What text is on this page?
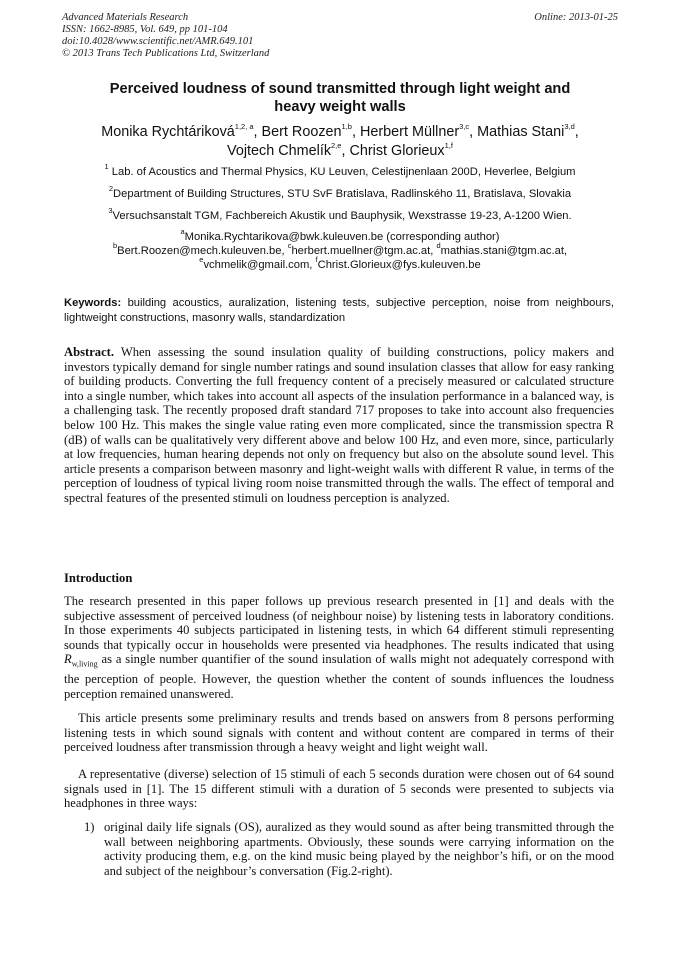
Advanced Materials Research
ISSN: 1662-8985, Vol. 649, pp 101-104
doi:10.4028/www.scientific.net/AMR.649.101
© 2013 Trans Tech Publications Ltd, Switzerland
Online: 2013-01-25
Perceived loudness of sound transmitted through light weight and
heavy weight walls
Monika Rychtáriková$^{1,2, a}$, Bert Roozen$^{1,b}$, Herbert Müllner$^{3,c}$, Mathias Stani$^{3,d}$,
Vojtech Chmelík$^{2,e}$, Christ Glorieux$^{1,f}$
$^1$ Lab. of Acoustics and Thermal Physics, KU Leuven, Celestijnenlaan 200D, Heverlee, Belgium
$^2$Department of Building Structures, STU SvF Bratislava, Radlinského 11, Bratislava, Slovakia
$^3$Versuchsanstalt TGM, Fachbereich Akustik und Bauphysik, Wexstrasse 19-23, A-1200 Wien.
$^a$Monika.Rychtarikova@bwk.kuleuven.be (corresponding author)
$^b$Bert.Roozen@mech.kuleuven.be, $^c$herbert.muellner@tgm.ac.at, $^d$mathias.stani@tgm.ac.at,
$^e$vchmelik@gmail.com, $^f$Christ.Glorieux@fys.kuleuven.be
Keywords: building acoustics, auralization, listening tests, subjective perception, noise from neighbours, lightweight constructions, masonry walls, standardization
Abstract. When assessing the sound insulation quality of building constructions, policy makers and investors typically demand for single number ratings and sound insulation classes that allow for easy ranking of building products. Converting the full frequency content of a precisely measured or calculated structure into a single number, which takes into account all aspects of the insulation performance in a balanced way, is a challenging task. The recently proposed draft standard 717 proposes to take into account also frequencies below 100 Hz. This makes the single value rating even more complicated, since the transmission spectra R (dB) of walls can be qualitatively very different above and below 100 Hz, and even more, since, particularly at low frequencies, human hearing depends not only on frequency but also on the absolute sound level. This article presents a comparison between masonry and light-weight walls with different R value, in terms of the perception of loudness of typical living room noise transmitted through the walls. The effect of temporal and spectral features of the presented stimuli on loudness perception is analyzed.
Introduction
The research presented in this paper follows up previous research presented in [1] and deals with the subjective assessment of perceived loudness (of neighbour noise) by listening tests in laboratory conditions. In those experiments 40 subjects participated in listening tests, in which 64 different stimuli representing sounds that typically occur in households were presented via headphones. The results indicated that using $R_{w,living}$ as a single number quantifier of the sound insulation of walls might not adequately correspond with the perception of people. However, the question whether the content of sounds influences the loudness perception remained unanswered.
This article presents some preliminary results and trends based on answers from 8 persons performing listening tests in which sound signals with content and without content are compared in terms of their perceived loudness after transmission through a heavy weight and light weight wall.
A representative (diverse) selection of 15 stimuli of each 5 seconds duration were chosen out of 64 sound signals used in [1]. The 15 different stimuli with a duration of 5 seconds were presented to subjects via headphones in three ways:
1) original daily life signals (OS), auralized as they would sound as after being transmitted through the wall between neighboring apartments. Obviously, these sounds were carrying information on the activity producing them, e.g. on the kind music being played by the neighbor’s hifi, or on the mood and subject of the neighbour’s conversation (Fig.2-right).
